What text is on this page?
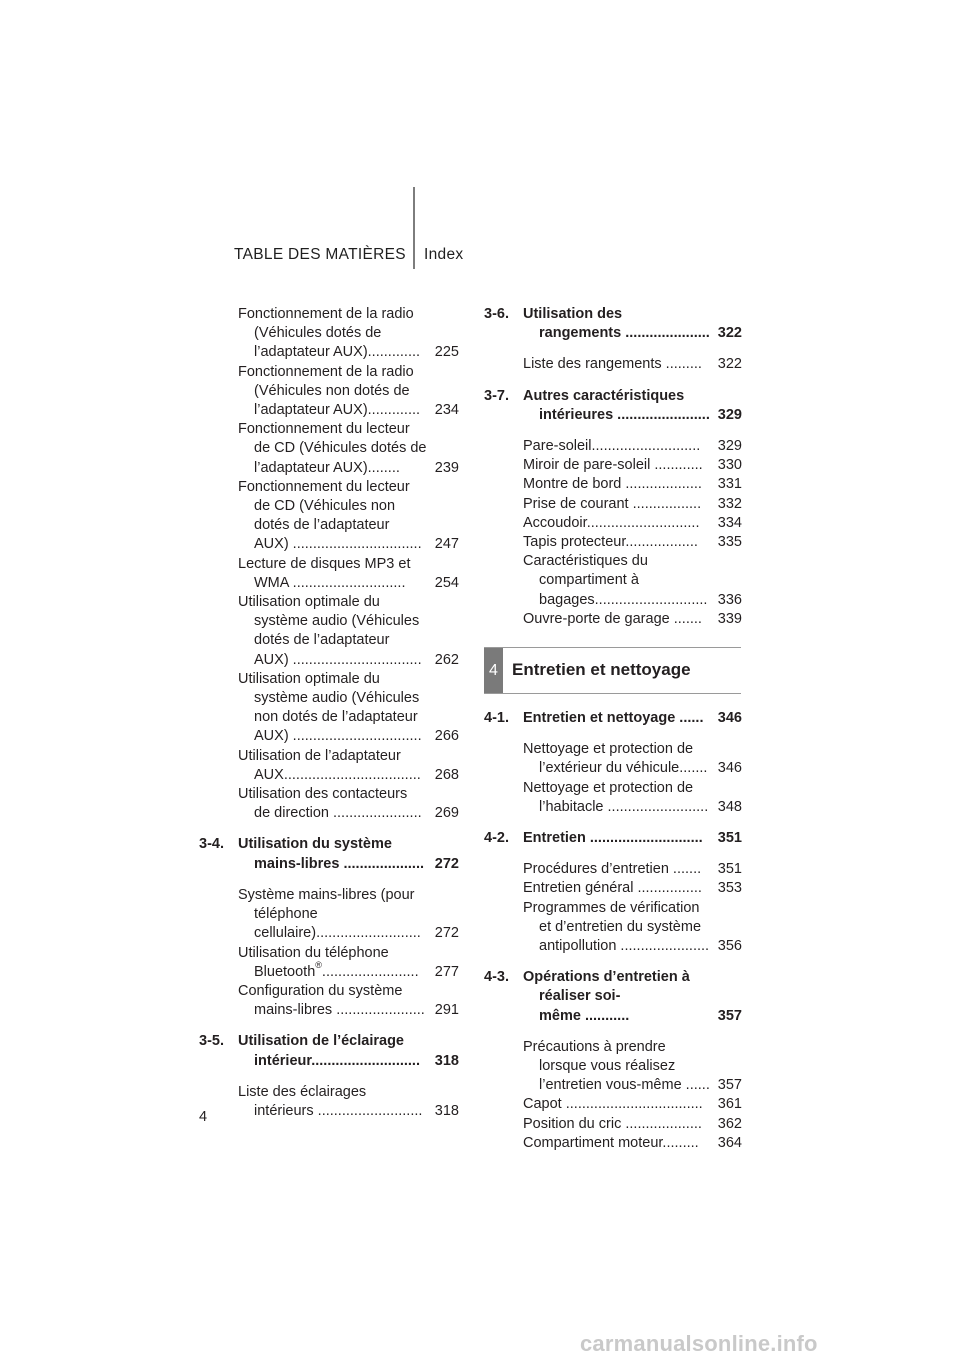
TABLE DES MATIÈRES Index
Fonctionnement de la radio (Véhicules dotés de l’adaptateur AUX).............	225
Fonctionnement de la radio (Véhicules non dotés de l’adaptateur AUX).............	234
Fonctionnement du lecteur de CD (Véhicules dotés de l’adaptateur AUX)........	239
Fonctionnement du lecteur de CD (Véhicules non dotés de l’adaptateur AUX) ................................ 247
Lecture de disques MP3 et WMA ............................	254
Utilisation optimale du système audio (Véhicules dotés de l’adaptateur AUX) ................................ 262
Utilisation optimale du système audio (Véhicules non dotés de l’adaptateur AUX) ................................ 266
Utilisation de l’adaptateur AUX.................................. 268
Utilisation des contacteurs de direction ...................... 269
3-4. Utilisation du système
mains-libres .................... 272
Système mains-libres (pour téléphone cellulaire).......................... 272
Utilisation du téléphone Bluetooth®........................	277
Configuration du système mains-libres ...................... 291
3-5. Utilisation de l’éclairage
intérieur...........................	318
Liste des éclairages intérieurs .......................... 318
3-6. Utilisation des
rangements ..................... 322
Liste des rangements .........	322
3-7. Autres caractéristiques
intérieures ....................... 329
Pare-soleil...........................	329
Miroir de pare-soleil ............	330
Montre de bord ...................	331
Prise de courant .................	332
Accoudoir............................	334
Tapis protecteur..................	335
Caractéristiques du compartiment à bagages............................ 336
Ouvre-porte de garage .......	339
4 Entretien et nettoyage
4-1. Entretien et nettoyage ...... 346
Nettoyage et protection de l’extérieur du véhicule....... 346
Nettoyage et protection de l’habitacle ......................... 348
4-2. Entretien ............................	351
Procédures d’entretien .......	351
Entretien général ................	353
Programmes de vérification et d’entretien du système antipollution ...................... 356
4-3. Opérations d’entretien à
réaliser soi-même ...........	357
Précautions à prendre lorsque vous réalisez l’entretien vous-même ...... 357
Capot ..................................	361
Position du cric ...................	362
Compartiment moteur.........	364
4
carmanualsonline.info
